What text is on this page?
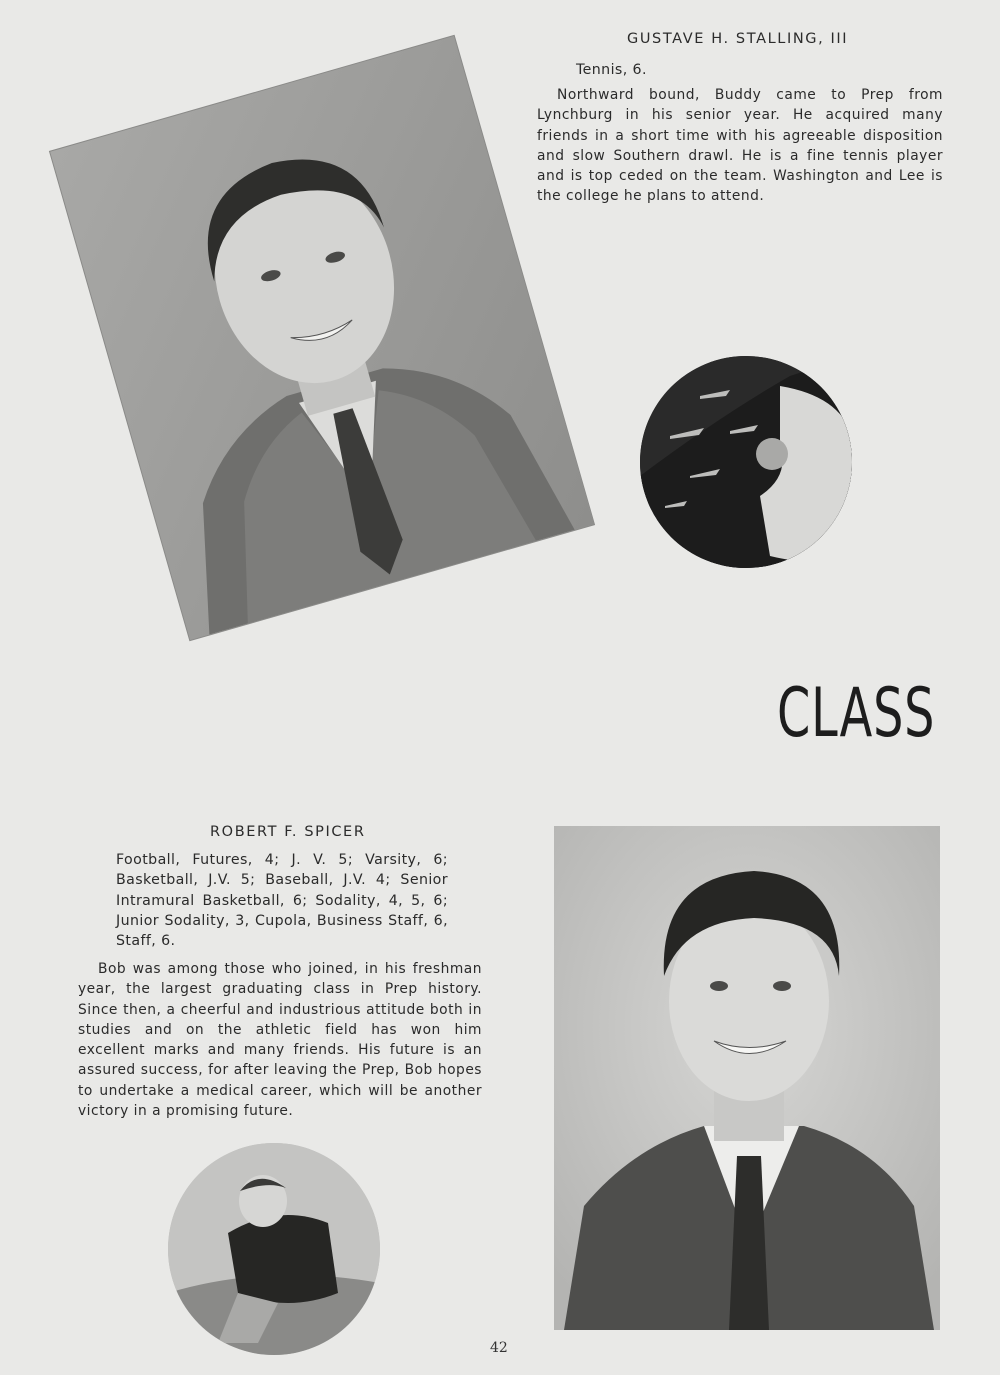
GUSTAVE H. STALLING, III

Tennis, 6.

Northward bound, Buddy came to Prep from Lynchburg in his senior year. He acquired many friends in a short time with his agreeable disposition and slow Southern drawl. He is a fine tennis player and is top ceded on the team. Washington and Lee is the college he plans to attend.

CLASS
ROBERT F. SPICER

Football, Futures, 4; J. V. 5; Varsity, 6; Basketball, J.V. 5; Baseball, J.V. 4; Senior Intramural Basketball, 6; Sodality, 4, 5, 6; Junior Sodality, 3, Cupola, Business Staff, 6, Staff, 6.

Bob was among those who joined, in his freshman year, the largest graduating class in Prep history. Since then, a cheerful and industrious attitude both in studies and on the athletic field has won him excellent marks and many friends. His future is an assured success, for after leaving the Prep, Bob hopes to undertake a medical career, which will be another victory in a promising future.

42
